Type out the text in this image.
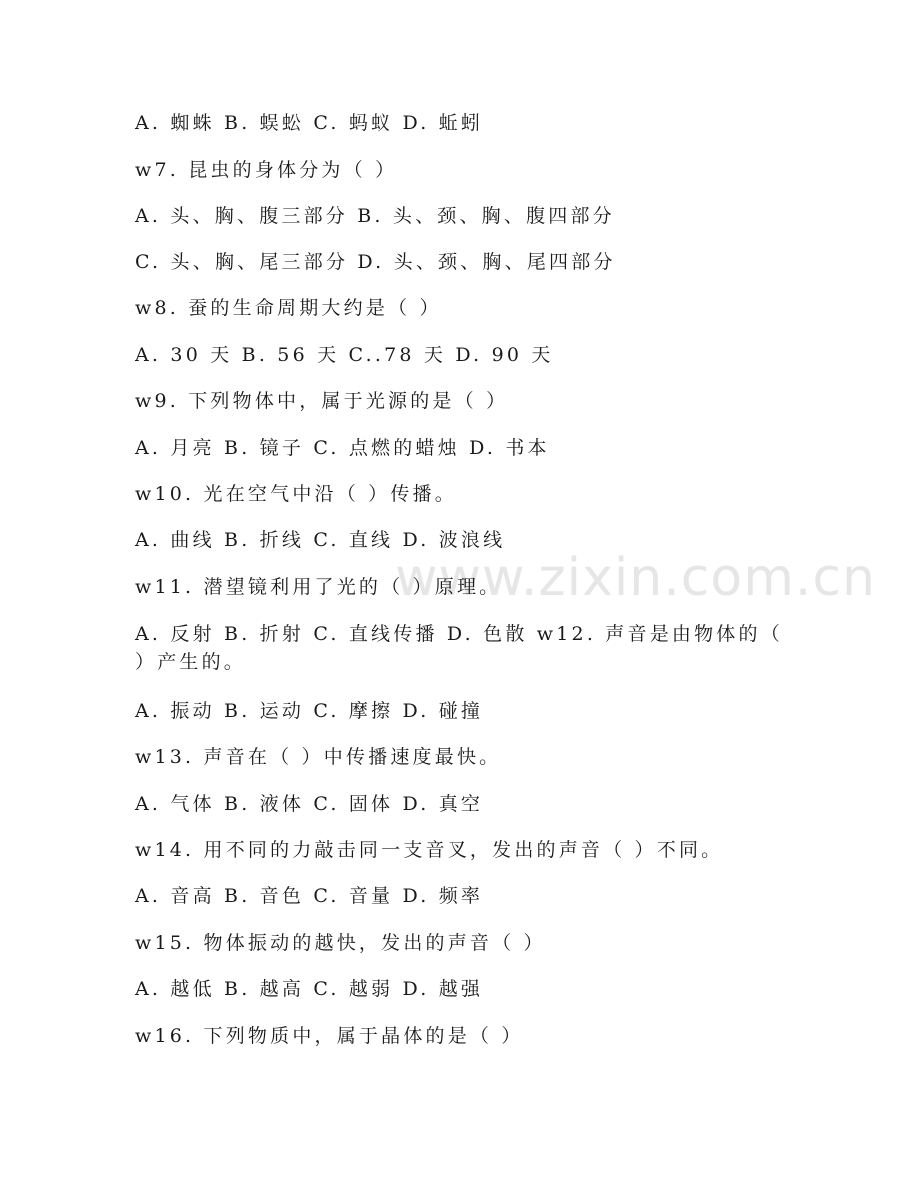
www.zixin.com.cn
A. 蜘蛛 B. 蜈蚣 C. 蚂蚁 D. 蚯蚓
w7. 昆虫的身体分为（ ）
A. 头、胸、腹三部分 B. 头、颈、胸、腹四部分
C. 头、胸、尾三部分 D. 头、颈、胸、尾四部分
w8. 蚕的生命周期大约是（ ）
A. 30 天 B. 56 天 C..78 天 D. 90 天
w9. 下列物体中，属于光源的是（ ）
A. 月亮 B. 镜子 C. 点燃的蜡烛 D. 书本
w10. 光在空气中沿（ ）传播。
A. 曲线 B. 折线 C. 直线 D. 波浪线
w11. 潜望镜利用了光的（ ）原理。
A. 反射 B. 折射 C. 直线传播 D. 色散 w12. 声音是由物体的（ ）产生的。
A. 振动 B. 运动 C. 摩擦 D. 碰撞
w13. 声音在（ ）中传播速度最快。
A. 气体 B. 液体 C. 固体 D. 真空
w14. 用不同的力敲击同一支音叉，发出的声音（ ）不同。
A. 音高 B. 音色 C. 音量 D. 频率
w15. 物体振动的越快，发出的声音（ ）
A. 越低 B. 越高 C. 越弱 D. 越强
w16. 下列物质中，属于晶体的是（ ）
